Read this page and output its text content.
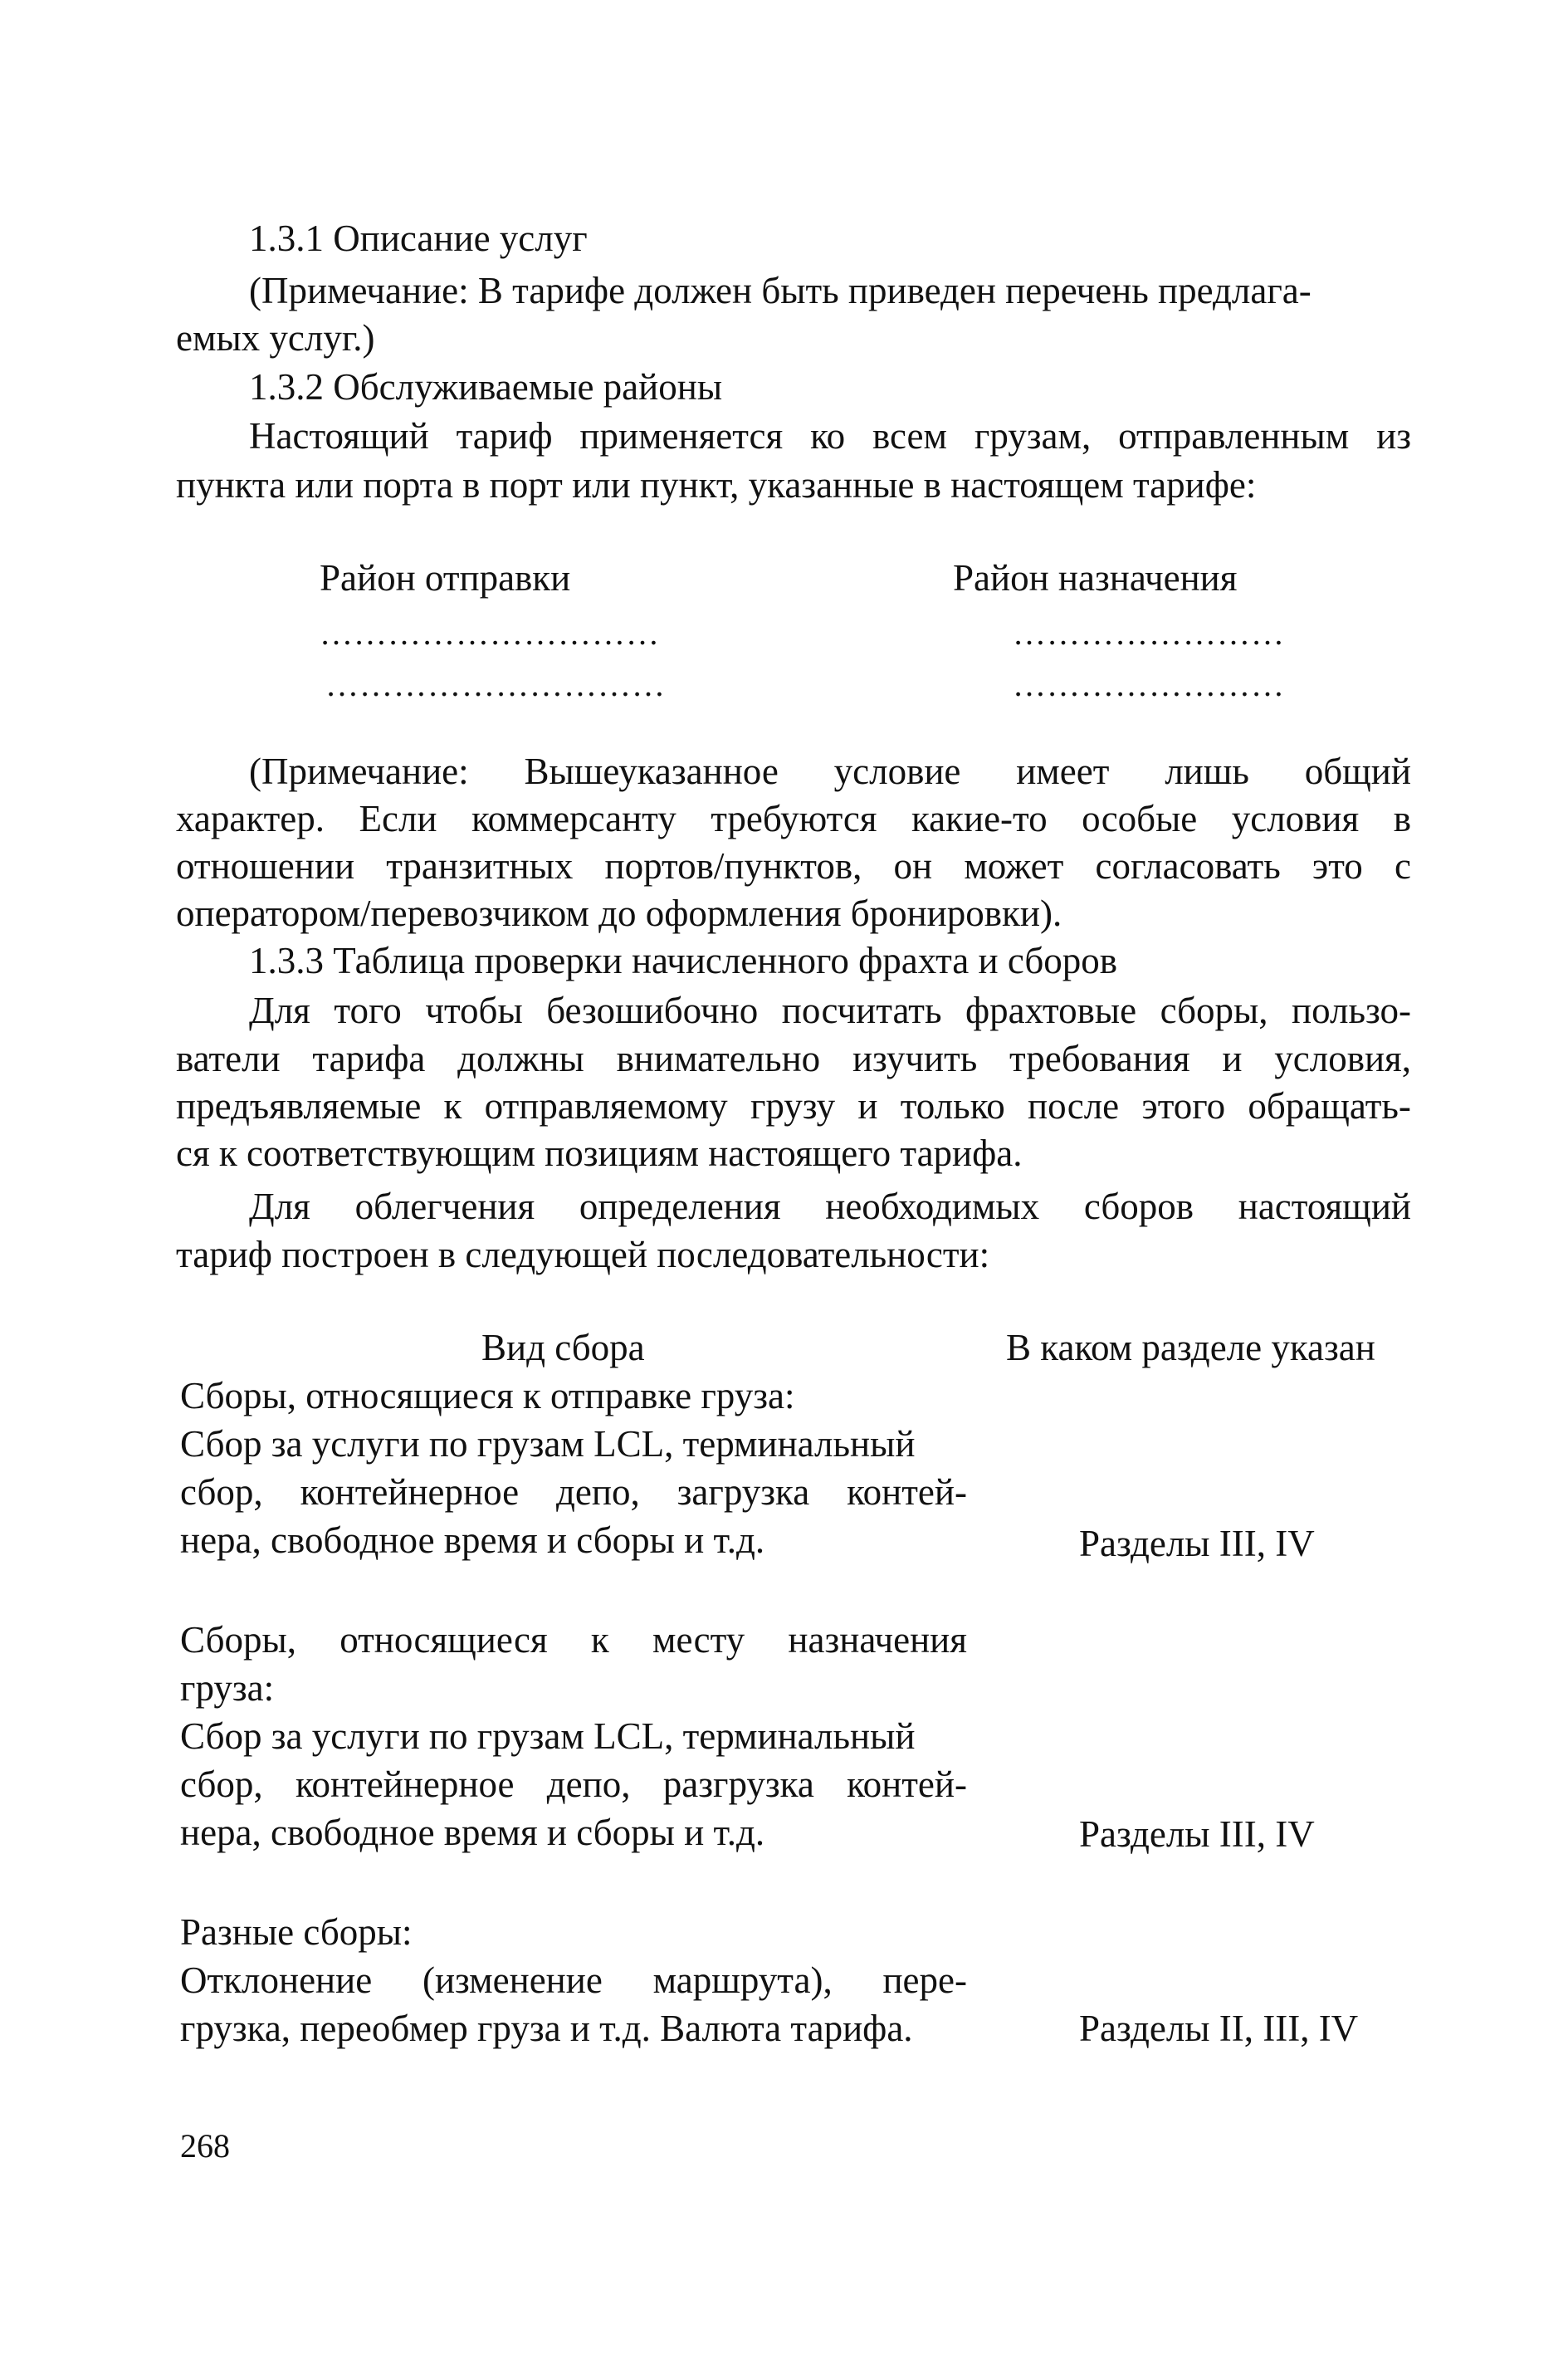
1.3.1 Описание услуг
(Примечание: В тарифе должен быть приведен перечень предлага-
емых услуг.)
1.3.2 Обслуживаемые районы
Настоящий тариф применяется ко всем грузам, отправленным из
пункта или порта в порт или пункт, указанные в настоящем тарифе:
Район отправки	Район назначения
…………………………	……………………
…………………………	……………………
(Примечание: Вышеуказанное условие имеет лишь общий
характер. Если коммерсанту требуются какие-то особые условия в
отношении транзитных портов/пунктов, он может согласовать это с
оператором/перевозчиком до оформления бронировки).
1.3.3 Таблица проверки начисленного фрахта и сборов
Для того чтобы безошибочно посчитать фрахтовые сборы, пользо-
ватели тарифа должны внимательно изучить требования и условия,
предъявляемые к отправляемому грузу и только после этого обращать-
ся к соответствующим позициям настоящего тарифа.
Для облегчения определения необходимых сборов настоящий
тариф построен в следующей последовательности:
Вид сбора	В каком разделе указан
Сборы, относящиеся к отправке груза:
Сбор за услуги по грузам LCL, терминальный
сбор, контейнерное депо, загрузка контей-
нера, свободное время и сборы и т.д.	Разделы III, IV
Сборы, относящиеся к месту назначения
груза:
Сбор за услуги по грузам LCL, терминальный
сбор, контейнерное депо, разгрузка контей-
нера, свободное время и сборы и т.д.	Разделы III, IV
Разные сборы:
Отклонение (изменение маршрута), пере-
грузка, переобмер груза и т.д. Валюта тарифа.	Разделы II, III, IV
268
